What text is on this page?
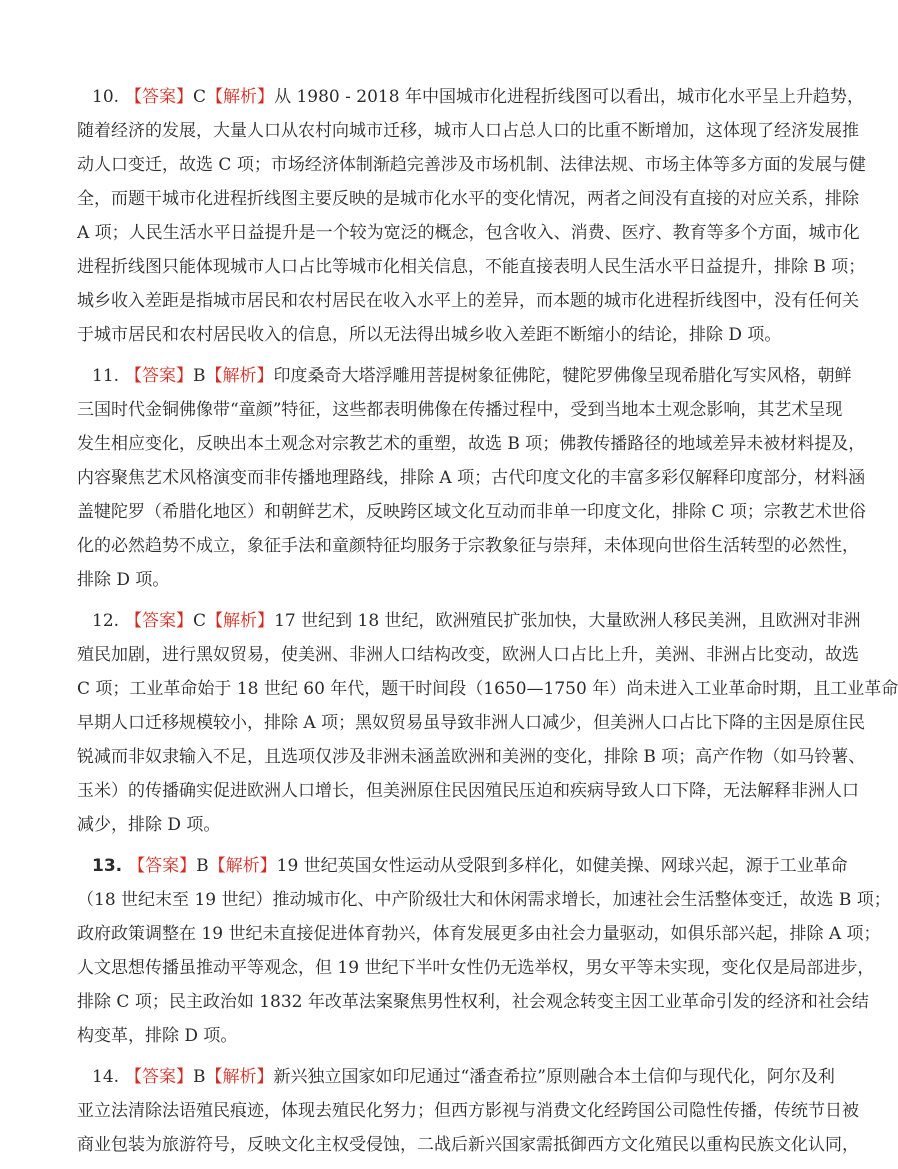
10. 【答案】C【解析】从 1980 - 2018 年中国城市化进程折线图可以看出，城市化水平呈上升趋势，
随着经济的发展，大量人口从农村向城市迁移，城市人口占总人口的比重不断增加，这体现了经济发展推
动人口变迁，故选 C 项；市场经济体制渐趋完善涉及市场机制、法律法规、市场主体等多方面的发展与健
全，而题干城市化进程折线图主要反映的是城市化水平的变化情况，两者之间没有直接的对应关系，排除
A 项；人民生活水平日益提升是一个较为宽泛的概念，包含收入、消费、医疗、教育等多个方面，城市化
进程折线图只能体现城市人口占比等城市化相关信息，不能直接表明人民生活水平日益提升，排除 B 项；
城乡收入差距是指城市居民和农村居民在收入水平上的差异，而本题的城市化进程折线图中，没有任何关
于城市居民和农村居民收入的信息，所以无法得出城乡收入差距不断缩小的结论，排除 D 项。
11. 【答案】B【解析】印度桑奇大塔浮雕用菩提树象征佛陀，犍陀罗佛像呈现希腊化写实风格，朝鲜
三国时代金铜佛像带“童颜”特征，这些都表明佛像在传播过程中，受到当地本土观念影响，其艺术呈现
发生相应变化，反映出本土观念对宗教艺术的重塑，故选 B 项；佛教传播路径的地域差异未被材料提及，
内容聚焦艺术风格演变而非传播地理路线，排除 A 项；古代印度文化的丰富多彩仅解释印度部分，材料涵
盖犍陀罗（希腊化地区）和朝鲜艺术，反映跨区域文化互动而非单一印度文化，排除 C 项；宗教艺术世俗
化的必然趋势不成立，象征手法和童颜特征均服务于宗教象征与崇拜，未体现向世俗生活转型的必然性，
排除 D 项。
12. 【答案】C【解析】17 世纪到 18 世纪，欧洲殖民扩张加快，大量欧洲人移民美洲，且欧洲对非洲
殖民加剧，进行黑奴贸易，使美洲、非洲人口结构改变，欧洲人口占比上升，美洲、非洲占比变动，故选
C 项；工业革命始于 18 世纪 60 年代，题干时间段（1650—1750 年）尚未进入工业革命时期，且工业革命
早期人口迁移规模较小，排除 A 项；黑奴贸易虽导致非洲人口减少，但美洲人口占比下降的主因是原住民
锐减而非奴隶输入不足，且选项仅涉及非洲未涵盖欧洲和美洲的变化，排除 B 项；高产作物（如马铃薯、
玉米）的传播确实促进欧洲人口增长，但美洲原住民因殖民压迫和疾病导致人口下降，无法解释非洲人口
减少，排除 D 项。
13. 【答案】B【解析】19 世纪英国女性运动从受限到多样化，如健美操、网球兴起，源于工业革命
（18 世纪末至 19 世纪）推动城市化、中产阶级壮大和休闲需求增长，加速社会生活整体变迁，故选 B 项；
政府政策调整在 19 世纪未直接促进体育勃兴，体育发展更多由社会力量驱动，如俱乐部兴起，排除 A 项；
人文思想传播虽推动平等观念，但 19 世纪下半叶女性仍无选举权，男女平等未实现，变化仅是局部进步，
排除 C 项；民主政治如 1832 年改革法案聚焦男性权利，社会观念转变主因工业革命引发的经济和社会结
构变革，排除 D 项。
14. 【答案】B【解析】新兴独立国家如印尼通过“潘查希拉”原则融合本土信仰与现代化，阿尔及利
亚立法清除法语殖民痕迹，体现去殖民化努力；但西方影视与消费文化经跨国公司隐性传播，传统节日被
商业包装为旅游符号，反映文化主权受侵蚀，二战后新兴国家需抵御西方文化殖民以重构民族文化认同，
